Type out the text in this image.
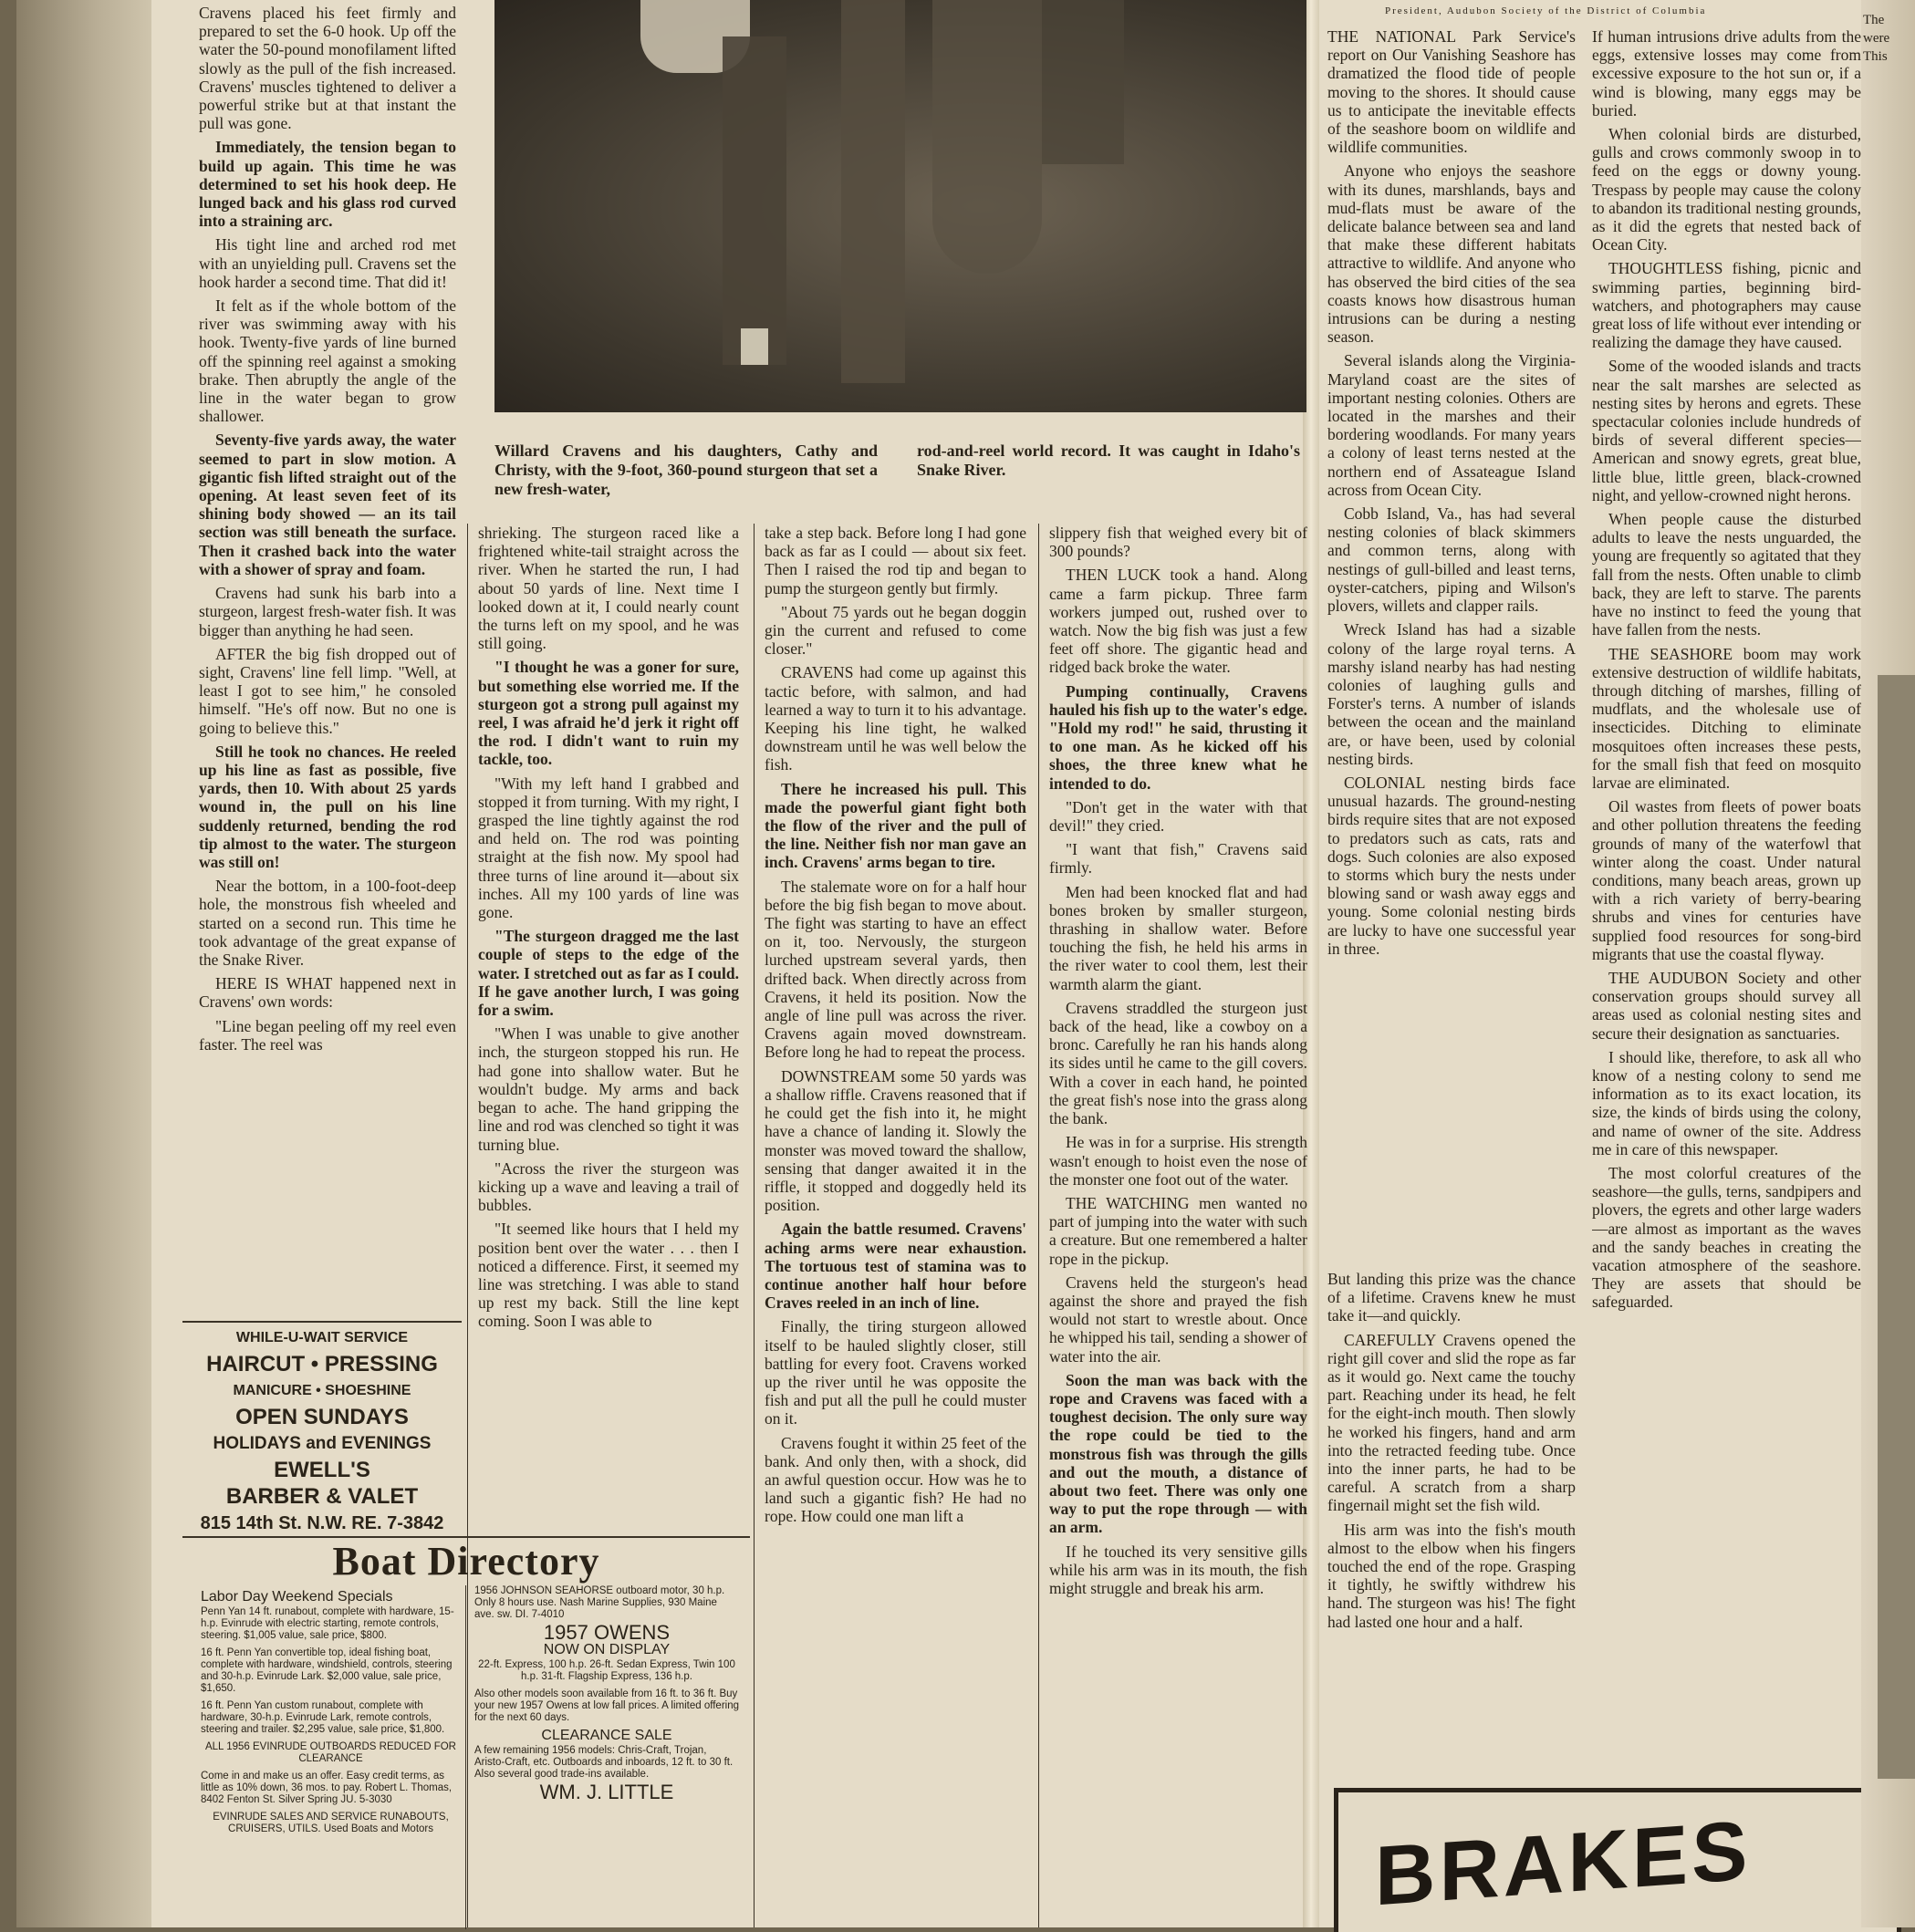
President, Audubon Society of the District of Columbia
Willard Cravens and his daughters, Cathy and Christy, with the 9-foot, 360-pound sturgeon that set a new fresh-water,
rod-and-reel world record. It was caught in Idaho's Snake River.

Cravens placed his feet firmly and prepared to set the 6-0 hook. Up off the water the 50-pound monofilament lifted slowly as the pull of the fish increased. Cravens' muscles tightened to deliver a powerful strike but at that instant the pull was gone.

Immediately, the tension began to build up again. This time he was determined to set his hook deep. He lunged back and his glass rod curved into a straining arc.

His tight line and arched rod met with an unyielding pull. Cravens set the hook harder a second time. That did it!

It felt as if the whole bottom of the river was swimming away with his hook. Twenty-five yards of line burned off the spinning reel against a smoking brake. Then abruptly the angle of the line in the water began to grow shallower.

Seventy-five yards away, the water seemed to part in slow motion. A gigantic fish lifted straight out of the opening. At least seven feet of its shining body showed — an its tail section was still beneath the surface. Then it crashed back into the water with a shower of spray and foam.

Cravens had sunk his barb into a sturgeon, largest fresh-water fish. It was bigger than anything he had seen.

AFTER the big fish dropped out of sight, Cravens' line fell limp. "Well, at least I got to see him," he consoled himself. "He's off now. But no one is going to believe this."

Still he took no chances. He reeled up his line as fast as possible, five yards, then 10. With about 25 yards wound in, the pull on his line suddenly returned, bending the rod tip almost to the water. The sturgeon was still on!

Near the bottom, in a 100-foot-deep hole, the monstrous fish wheeled and started on a second run. This time he took advantage of the great expanse of the Snake River.

HERE IS WHAT happened next in Cravens' own words:

"Line began peeling off my reel even faster. The reel was

shrieking. The sturgeon raced like a frightened white-tail straight across the river. When he started the run, I had about 50 yards of line. Next time I looked down at it, I could nearly count the turns left on my spool, and he was still going.

"I thought he was a goner for sure, but something else worried me. If the sturgeon got a strong pull against my reel, I was afraid he'd jerk it right off the rod. I didn't want to ruin my tackle, too.

"With my left hand I grabbed and stopped it from turning. With my right, I grasped the line tightly against the rod and held on. The rod was pointing straight at the fish now. My spool had three turns of line around it—about six inches. All my 100 yards of line was gone.

"The sturgeon dragged me the last couple of steps to the edge of the water. I stretched out as far as I could. If he gave another lurch, I was going for a swim.

"When I was unable to give another inch, the sturgeon stopped his run. He had gone into shallow water. But he wouldn't budge. My arms and back began to ache. The hand gripping the line and rod was clenched so tight it was turning blue.

"Across the river the sturgeon was kicking up a wave and leaving a trail of bubbles.

"It seemed like hours that I held my position bent over the water . . . then I noticed a difference. First, it seemed my line was stretching. I was able to stand up rest my back. Still the line kept coming. Soon I was able to

take a step back. Before long I had gone back as far as I could — about six feet. Then I raised the rod tip and began to pump the sturgeon gently but firmly.

"About 75 yards out he began doggin gin the current and refused to come closer."

CRAVENS had come up against this tactic before, with salmon, and had learned a way to turn it to his advantage. Keeping his line tight, he walked downstream until he was well below the fish.

There he increased his pull. This made the powerful giant fight both the flow of the river and the pull of the line. Neither fish nor man gave an inch. Cravens' arms began to tire.

The stalemate wore on for a half hour before the big fish began to move about. The fight was starting to have an effect on it, too. Nervously, the sturgeon lurched upstream several yards, then drifted back. When directly across from Cravens, it held its position. Now the angle of line pull was across the river. Cravens again moved downstream. Before long he had to repeat the process.

DOWNSTREAM some 50 yards was a shallow riffle. Cravens reasoned that if he could get the fish into it, he might have a chance of landing it. Slowly the monster was moved toward the shallow, sensing that danger awaited it in the riffle, it stopped and doggedly held its position.

Again the battle resumed. Cravens' aching arms were near exhaustion. The tortuous test of stamina was to continue another half hour before Craves reeled in an inch of line.

Finally, the tiring sturgeon allowed itself to be hauled slightly closer, still battling for every foot. Cravens worked up the river until he was opposite the fish and put all the pull he could muster on it.

Cravens fought it within 25 feet of the bank. And only then, with a shock, did an awful question occur. How was he to land such a gigantic fish? He had no rope. How could one man lift a

slippery fish that weighed every bit of 300 pounds?

THEN LUCK took a hand. Along came a farm pickup. Three farm workers jumped out, rushed over to watch. Now the big fish was just a few feet off shore. The gigantic head and ridged back broke the water.

Pumping continually, Cravens hauled his fish up to the water's edge. "Hold my rod!" he said, thrusting it to one man. As he kicked off his shoes, the three knew what he intended to do.

"Don't get in the water with that devil!" they cried.

"I want that fish," Cravens said firmly.

Men had been knocked flat and had bones broken by smaller sturgeon, thrashing in shallow water. Before touching the fish, he held his arms in the river water to cool them, lest their warmth alarm the giant.

Cravens straddled the sturgeon just back of the head, like a cowboy on a bronc. Carefully he ran his hands along its sides until he came to the gill covers. With a cover in each hand, he pointed the great fish's nose into the grass along the bank.

He was in for a surprise. His strength wasn't enough to hoist even the nose of the monster one foot out of the water.

THE WATCHING men wanted no part of jumping into the water with such a creature. But one remembered a halter rope in the pickup.

Cravens held the sturgeon's head against the shore and prayed the fish would not start to wrestle about. Once he whipped his tail, sending a shower of water into the air.

Soon the man was back with the rope and Cravens was faced with a toughest decision. The only sure way the rope could be tied to the monstrous fish was through the gills and out the mouth, a distance of about two feet. There was only one way to put the rope through — with an arm.

If he touched its very sensitive gills while his arm was in its mouth, the fish might struggle and break his arm.

THE NATIONAL Park Service's report on Our Vanishing Seashore has dramatized the flood tide of people moving to the shores. It should cause us to anticipate the inevitable effects of the seashore boom on wildlife and wildlife communities.

Anyone who enjoys the seashore with its dunes, marshlands, bays and mud-flats must be aware of the delicate balance between sea and land that make these different habitats attractive to wildlife. And anyone who has observed the bird cities of the sea coasts knows how disastrous human intrusions can be during a nesting season.

Several islands along the Virginia-Maryland coast are the sites of important nesting colonies. Others are located in the marshes and their bordering woodlands. For many years a colony of least terns nested at the northern end of Assateague Island across from Ocean City.

Cobb Island, Va., has had several nesting colonies of black skimmers and common terns, along with nestings of gull-billed and least terns, oyster-catchers, piping and Wilson's plovers, willets and clapper rails.

Wreck Island has had a sizable colony of the large royal terns. A marshy island nearby has had nesting colonies of laughing gulls and Forster's terns. A number of islands between the ocean and the mainland are, or have been, used by colonial nesting birds.

COLONIAL nesting birds face unusual hazards. The ground-nesting birds require sites that are not exposed to predators such as cats, rats and dogs. Such colonies are also exposed to storms which bury the nests under blowing sand or wash away eggs and young. Some colonial nesting birds are lucky to have one successful year in three.

But landing this prize was the chance of a lifetime. Cravens knew he must take it—and quickly.

CAREFULLY Cravens opened the right gill cover and slid the rope as far as it would go. Next came the touchy part. Reaching under its head, he felt for the eight-inch mouth. Then slowly he worked his fingers, hand and arm into the retracted feeding tube. Once into the inner parts, he had to be careful. A scratch from a sharp fingernail might set the fish wild.

His arm was into the fish's mouth almost to the elbow when his fingers touched the end of the rope. Grasping it tightly, he swiftly withdrew his hand. The sturgeon was his! The fight had lasted one hour and a half.

If human intrusions drive adults from the eggs, extensive losses may come from excessive exposure to the hot sun or, if a wind is blowing, many eggs may be buried.

When colonial birds are disturbed, gulls and crows commonly swoop in to feed on the eggs or downy young. Trespass by people may cause the colony to abandon its traditional nesting grounds, as it did the egrets that nested back of Ocean City.

THOUGHTLESS fishing, picnic and swimming parties, beginning bird-watchers, and photographers may cause great loss of life without ever intending or realizing the damage they have caused.

Some of the wooded islands and tracts near the salt marshes are selected as nesting sites by herons and egrets. These spectacular colonies include hundreds of birds of several different species—American and snowy egrets, great blue, little blue, little green, black-crowned night, and yellow-crowned night herons.

When people cause the disturbed adults to leave the nests unguarded, the young are frequently so agitated that they fall from the nests. Often unable to climb back, they are left to starve. The parents have no instinct to feed the young that have fallen from the nests.

THE SEASHORE boom may work extensive destruction of wildlife habitats, through ditching of marshes, filling of mudflats, and the wholesale use of insecticides. Ditching to eliminate mosquitoes often increases these pests, for the small fish that feed on mosquito larvae are eliminated.

Oil wastes from fleets of power boats and other pollution threatens the feeding grounds of many of the waterfowl that winter along the coast. Under natural conditions, many beach areas, grown up with a rich variety of berry-bearing shrubs and vines for centuries have supplied food resources for song-bird migrants that use the coastal flyway.

THE AUDUBON Society and other conservation groups should survey all areas used as colonial nesting sites and secure their designation as sanctuaries.

I should like, therefore, to ask all who know of a nesting colony to send me information as to its exact location, its size, the kinds of birds using the colony, and name of owner of the site. Address me in care of this newspaper.

The most colorful creatures of the seashore—the gulls, terns, sandpipers and plovers, the egrets and other large waders—are almost as important as the waves and the sandy beaches in creating the vacation atmosphere of the seashore. They are assets that should be safeguarded.

WHILE-U-WAIT SERVICE
HAIRCUT • PRESSING
MANICURE • SHOESHINE
OPEN SUNDAYS
HOLIDAYS and EVENINGS
EWELL'S
BARBER & VALET
815 14th St. N.W. RE. 7-3842
Boat Directory
Labor Day Weekend Specials

Penn Yan 14 ft. runabout, complete with hardware, 15-h.p. Evinrude with electric starting, remote controls, steering. $1,005 value, sale price, $800.

16 ft. Penn Yan convertible top, ideal fishing boat, complete with hardware, windshield, controls, steering and 30-h.p. Evinrude Lark. $2,000 value, sale price, $1,650.

16 ft. Penn Yan custom runabout, complete with hardware, 30-h.p. Evinrude Lark, remote controls, steering and trailer. $2,295 value, sale price, $1,800.

ALL 1956 EVINRUDE OUTBOARDS REDUCED FOR CLEARANCE

Come in and make us an offer. Easy credit terms, as little as 10% down, 36 mos. to pay. Robert L. Thomas, 8402 Fenton St. Silver Spring JU. 5-3030

EVINRUDE SALES AND SERVICE RUNABOUTS, CRUISERS, UTILS. Used Boats and Motors

1956 JOHNSON SEAHORSE outboard motor, 30 h.p. Only 8 hours use. Nash Marine Supplies, 930 Maine ave. sw. DI. 7-4010

1957 OWENS
NOW ON DISPLAY

22-ft. Express, 100 h.p. 26-ft. Sedan Express, Twin 100 h.p. 31-ft. Flagship Express, 136 h.p.

Also other models soon available from 16 ft. to 36 ft. Buy your new 1957 Owens at low fall prices. A limited offering for the next 60 days.

CLEARANCE SALE

A few remaining 1956 models: Chris-Craft, Trojan, Aristo-Craft, etc. Outboards and inboards, 12 ft. to 30 ft. Also several good trade-ins available.

WM. J. LITTLE
BRAKES
The
were
This
